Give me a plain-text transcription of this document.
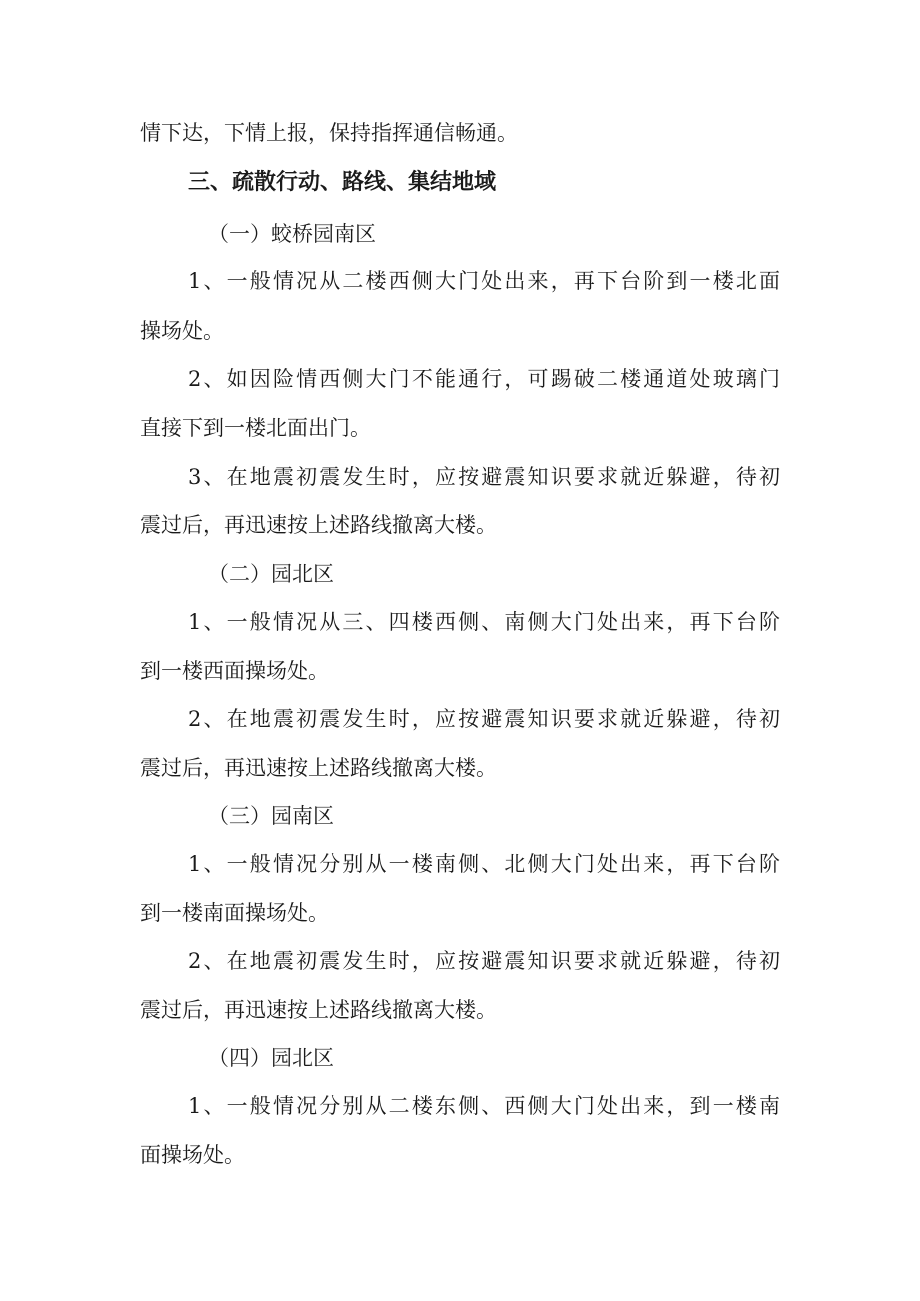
情下达，下情上报，保持指挥通信畅通。
三、疏散行动、路线、集结地域
（一）蛟桥园南区
1、一般情况从二楼西侧大门处出来，再下台阶到一楼北面
操场处。
2、如因险情西侧大门不能通行，可踢破二楼通道处玻璃门
直接下到一楼北面出门。
3、在地震初震发生时，应按避震知识要求就近躲避，待初
震过后，再迅速按上述路线撤离大楼。
（二）园北区
1、一般情况从三、四楼西侧、南侧大门处出来，再下台阶
到一楼西面操场处。
2、在地震初震发生时，应按避震知识要求就近躲避，待初
震过后，再迅速按上述路线撤离大楼。
（三）园南区
1、一般情况分别从一楼南侧、北侧大门处出来，再下台阶
到一楼南面操场处。
2、在地震初震发生时，应按避震知识要求就近躲避，待初
震过后，再迅速按上述路线撤离大楼。
（四）园北区
1、一般情况分别从二楼东侧、西侧大门处出来，到一楼南
面操场处。
